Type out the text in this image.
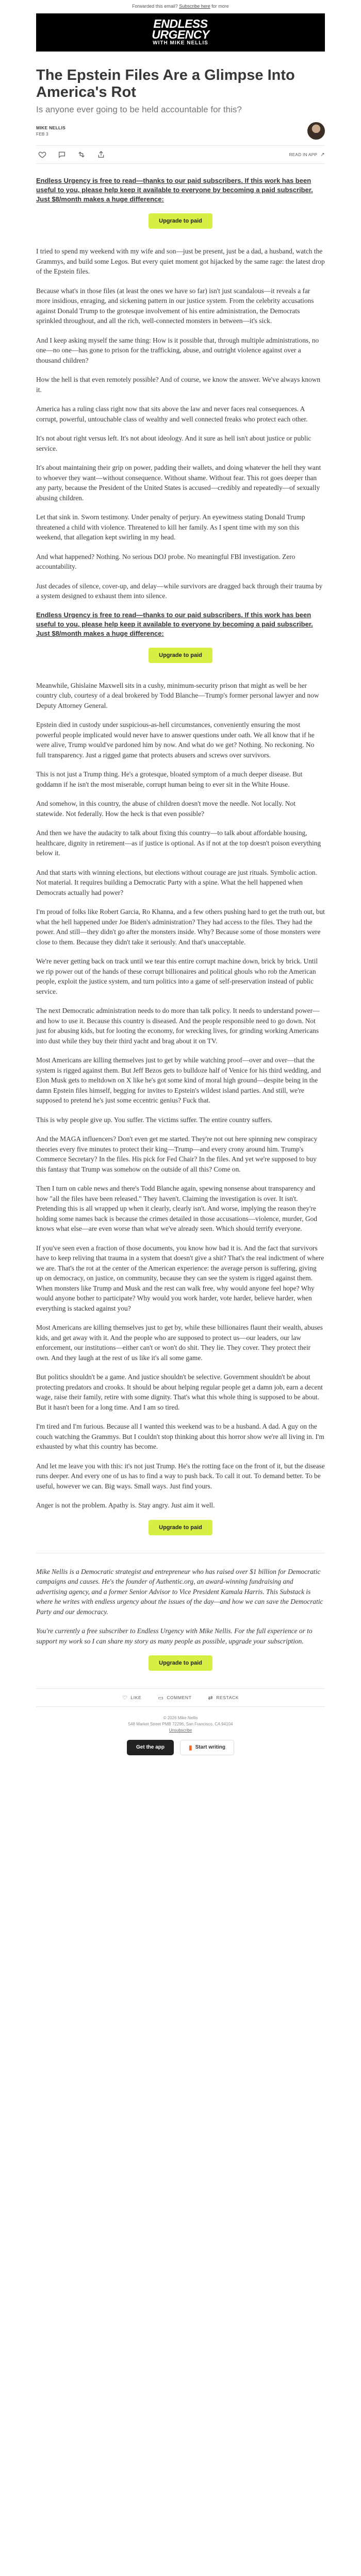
Forwarded this email? Subscribe here for more
ENDLESS
URGENCY
WITH MIKE NELLIS
The Epstein Files Are a Glimpse Into America's Rot
Is anyone ever going to be held accountable for this?
MIKE NELLIS
FEB 3
READ IN APP ↗
Endless Urgency is free to read—thanks to our paid subscribers. If this work has been useful to you, please help keep it available to everyone by becoming a paid subscriber. Just $8/month makes a huge difference:
Upgrade to paid

I tried to spend my weekend with my wife and son—just be present, just be a dad, a husband, watch the Grammys, and build some Legos. But every quiet moment got hijacked by the same rage: the latest drop of the Epstein files.

Because what's in those files (at least the ones we have so far) isn't just scandalous—it reveals a far more insidious, enraging, and sickening pattern in our justice system. From the celebrity accusations against Donald Trump to the grotesque involvement of his entire administration, the Democrats sprinkled throughout, and all the rich, well-connected monsters in between—it's sick.

And I keep asking myself the same thing: How is it possible that, through multiple administrations, no one—no one—has gone to prison for the trafficking, abuse, and outright violence against over a thousand children?

How the hell is that even remotely possible? And of course, we know the answer. We've always known it.

America has a ruling class right now that sits above the law and never faces real consequences. A corrupt, powerful, untouchable class of wealthy and well connected freaks who protect each other.

It's not about right versus left. It's not about ideology. And it sure as hell isn't about justice or public service.

It's about maintaining their grip on power, padding their wallets, and doing whatever the hell they want to whoever they want—without consequence. Without shame. Without fear. This rot goes deeper than any party, because the President of the United States is accused—credibly and repeatedly—of sexually abusing children.

Let that sink in. Sworn testimony. Under penalty of perjury. An eyewitness stating Donald Trump threatened a child with violence. Threatened to kill her family. As I spent time with my son this weekend, that allegation kept swirling in my head.

And what happened? Nothing. No serious DOJ probe. No meaningful FBI investigation. Zero accountability.

Just decades of silence, cover-up, and delay—while survivors are dragged back through their trauma by a system designed to exhaust them into silence.

Endless Urgency is free to read—thanks to our paid subscribers. If this work has been useful to you, please help keep it available to everyone by becoming a paid subscriber. Just $8/month makes a huge difference:
Upgrade to paid

Meanwhile, Ghislaine Maxwell sits in a cushy, minimum-security prison that might as well be her country club, courtesy of a deal brokered by Todd Blanche—Trump's former personal lawyer and now Deputy Attorney General.

Epstein died in custody under suspicious-as-hell circumstances, conveniently ensuring the most powerful people implicated would never have to answer questions under oath. We all know that if he were alive, Trump would've pardoned him by now. And what do we get? Nothing. No reckoning. No full transparency. Just a rigged game that protects abusers and screws over survivors.

This is not just a Trump thing. He's a grotesque, bloated symptom of a much deeper disease. But goddamn if he isn't the most miserable, corrupt human being to ever sit in the White House.

And somehow, in this country, the abuse of children doesn't move the needle. Not locally. Not statewide. Not federally. How the heck is that even possible?

And then we have the audacity to talk about fixing this country—to talk about affordable housing, healthcare, dignity in retirement—as if justice is optional. As if not at the top doesn't poison everything below it.

And that starts with winning elections, but elections without courage are just rituals. Symbolic action. Not material. It requires building a Democratic Party with a spine. What the hell happened when Democrats actually had power?

I'm proud of folks like Robert Garcia, Ro Khanna, and a few others pushing hard to get the truth out, but what the hell happened under Joe Biden's administration? They had access to the files. They had the power. And still—they didn't go after the monsters inside. Why? Because some of those monsters were close to them. Because they didn't take it seriously. And that's unacceptable.

We're never getting back on track until we tear this entire corrupt machine down, brick by brick. Until we rip power out of the hands of these corrupt billionaires and political ghouls who rob the American people, exploit the justice system, and turn politics into a game of self-preservation instead of public service.

The next Democratic administration needs to do more than talk policy. It needs to understand power—and how to use it. Because this country is diseased. And the people responsible need to go down. Not just for abusing kids, but for looting the economy, for wrecking lives, for grinding working Americans into dust while they buy their third yacht and brag about it on TV.

Most Americans are killing themselves just to get by while watching proof—over and over—that the system is rigged against them. But Jeff Bezos gets to bulldoze half of Venice for his third wedding, and Elon Musk gets to meltdown on X like he's got some kind of moral high ground—despite being in the damn Epstein files himself, begging for invites to Epstein's wildest island parties. And still, we're supposed to pretend he's just some eccentric genius? Fuck that.

This is why people give up. You suffer. The victims suffer. The entire country suffers.

And the MAGA influencers? Don't even get me started. They're not out here spinning new conspiracy theories every five minutes to protect their king—Trump—and every crony around him. Trump's Commerce Secretary? In the files. His pick for Fed Chair? In the files. And yet we're supposed to buy this fantasy that Trump was somehow on the outside of all this? Come on.

Then I turn on cable news and there's Todd Blanche again, spewing nonsense about transparency and how "all the files have been released." They haven't. Claiming the investigation is over. It isn't. Pretending this is all wrapped up when it clearly, clearly isn't. And worse, implying the reason they're holding some names back is because the crimes detailed in those accusations—violence, murder, God knows what else—are even worse than what we've already seen. Which should terrify everyone.

If you've seen even a fraction of those documents, you know how bad it is. And the fact that survivors have to keep reliving that trauma in a system that doesn't give a shit? That's the real indictment of where we are. That's the rot at the center of the American experience: the average person is suffering, giving up on democracy, on justice, on community, because they can see the system is rigged against them. When monsters like Trump and Musk and the rest can walk free, why would anyone feel hope? Why would anyone bother to participate? Why would you work harder, vote harder, believe harder, when everything is stacked against you?

Most Americans are killing themselves just to get by, while these billionaires flaunt their wealth, abuses kids, and get away with it. And the people who are supposed to protect us—our leaders, our law enforcement, our institutions—either can't or won't do shit. They lie. They cover. They protect their own. And they laugh at the rest of us like it's all some game.

But politics shouldn't be a game. And justice shouldn't be selective. Government shouldn't be about protecting predators and crooks. It should be about helping regular people get a damn job, earn a decent wage, raise their family, retire with some dignity. That's what this whole thing is supposed to be about. But it hasn't been for a long time. And I am so tired.

I'm tired and I'm furious. Because all I wanted this weekend was to be a husband. A dad. A guy on the couch watching the Grammys. But I couldn't stop thinking about this horror show we're all living in. I'm exhausted by what this country has become.

And let me leave you with this: it's not just Trump. He's the rotting face on the front of it, but the disease runs deeper. And every one of us has to find a way to push back. To call it out. To demand better. To be useful, however we can. Big ways. Small ways. Just find yours.

Anger is not the problem. Apathy is. Stay angry. Just aim it well.

Upgrade to paid

Mike Nellis is a Democratic strategist and entrepreneur who has raised over $1 billion for Democratic campaigns and causes. He's the founder of Authentic.org, an award-winning fundraising and advertising agency, and a former Senior Advisor to Vice President Kamala Harris. This Substack is where he writes with endless urgency about the issues of the day—and how we can save the Democratic Party and our democracy.

You're currently a free subscriber to Endless Urgency with Mike Nellis. For the full experience or to support my work so I can share my story as many people as possible, upgrade your subscription.

Upgrade to paid
♡ LIKE	▭ COMMENT	⇄ RESTACK
© 2026 Mike Nellis
548 Market Street PMB 72296, San Francisco, CA 94104
Unsubscribe
Get the app	▮ Start writing
